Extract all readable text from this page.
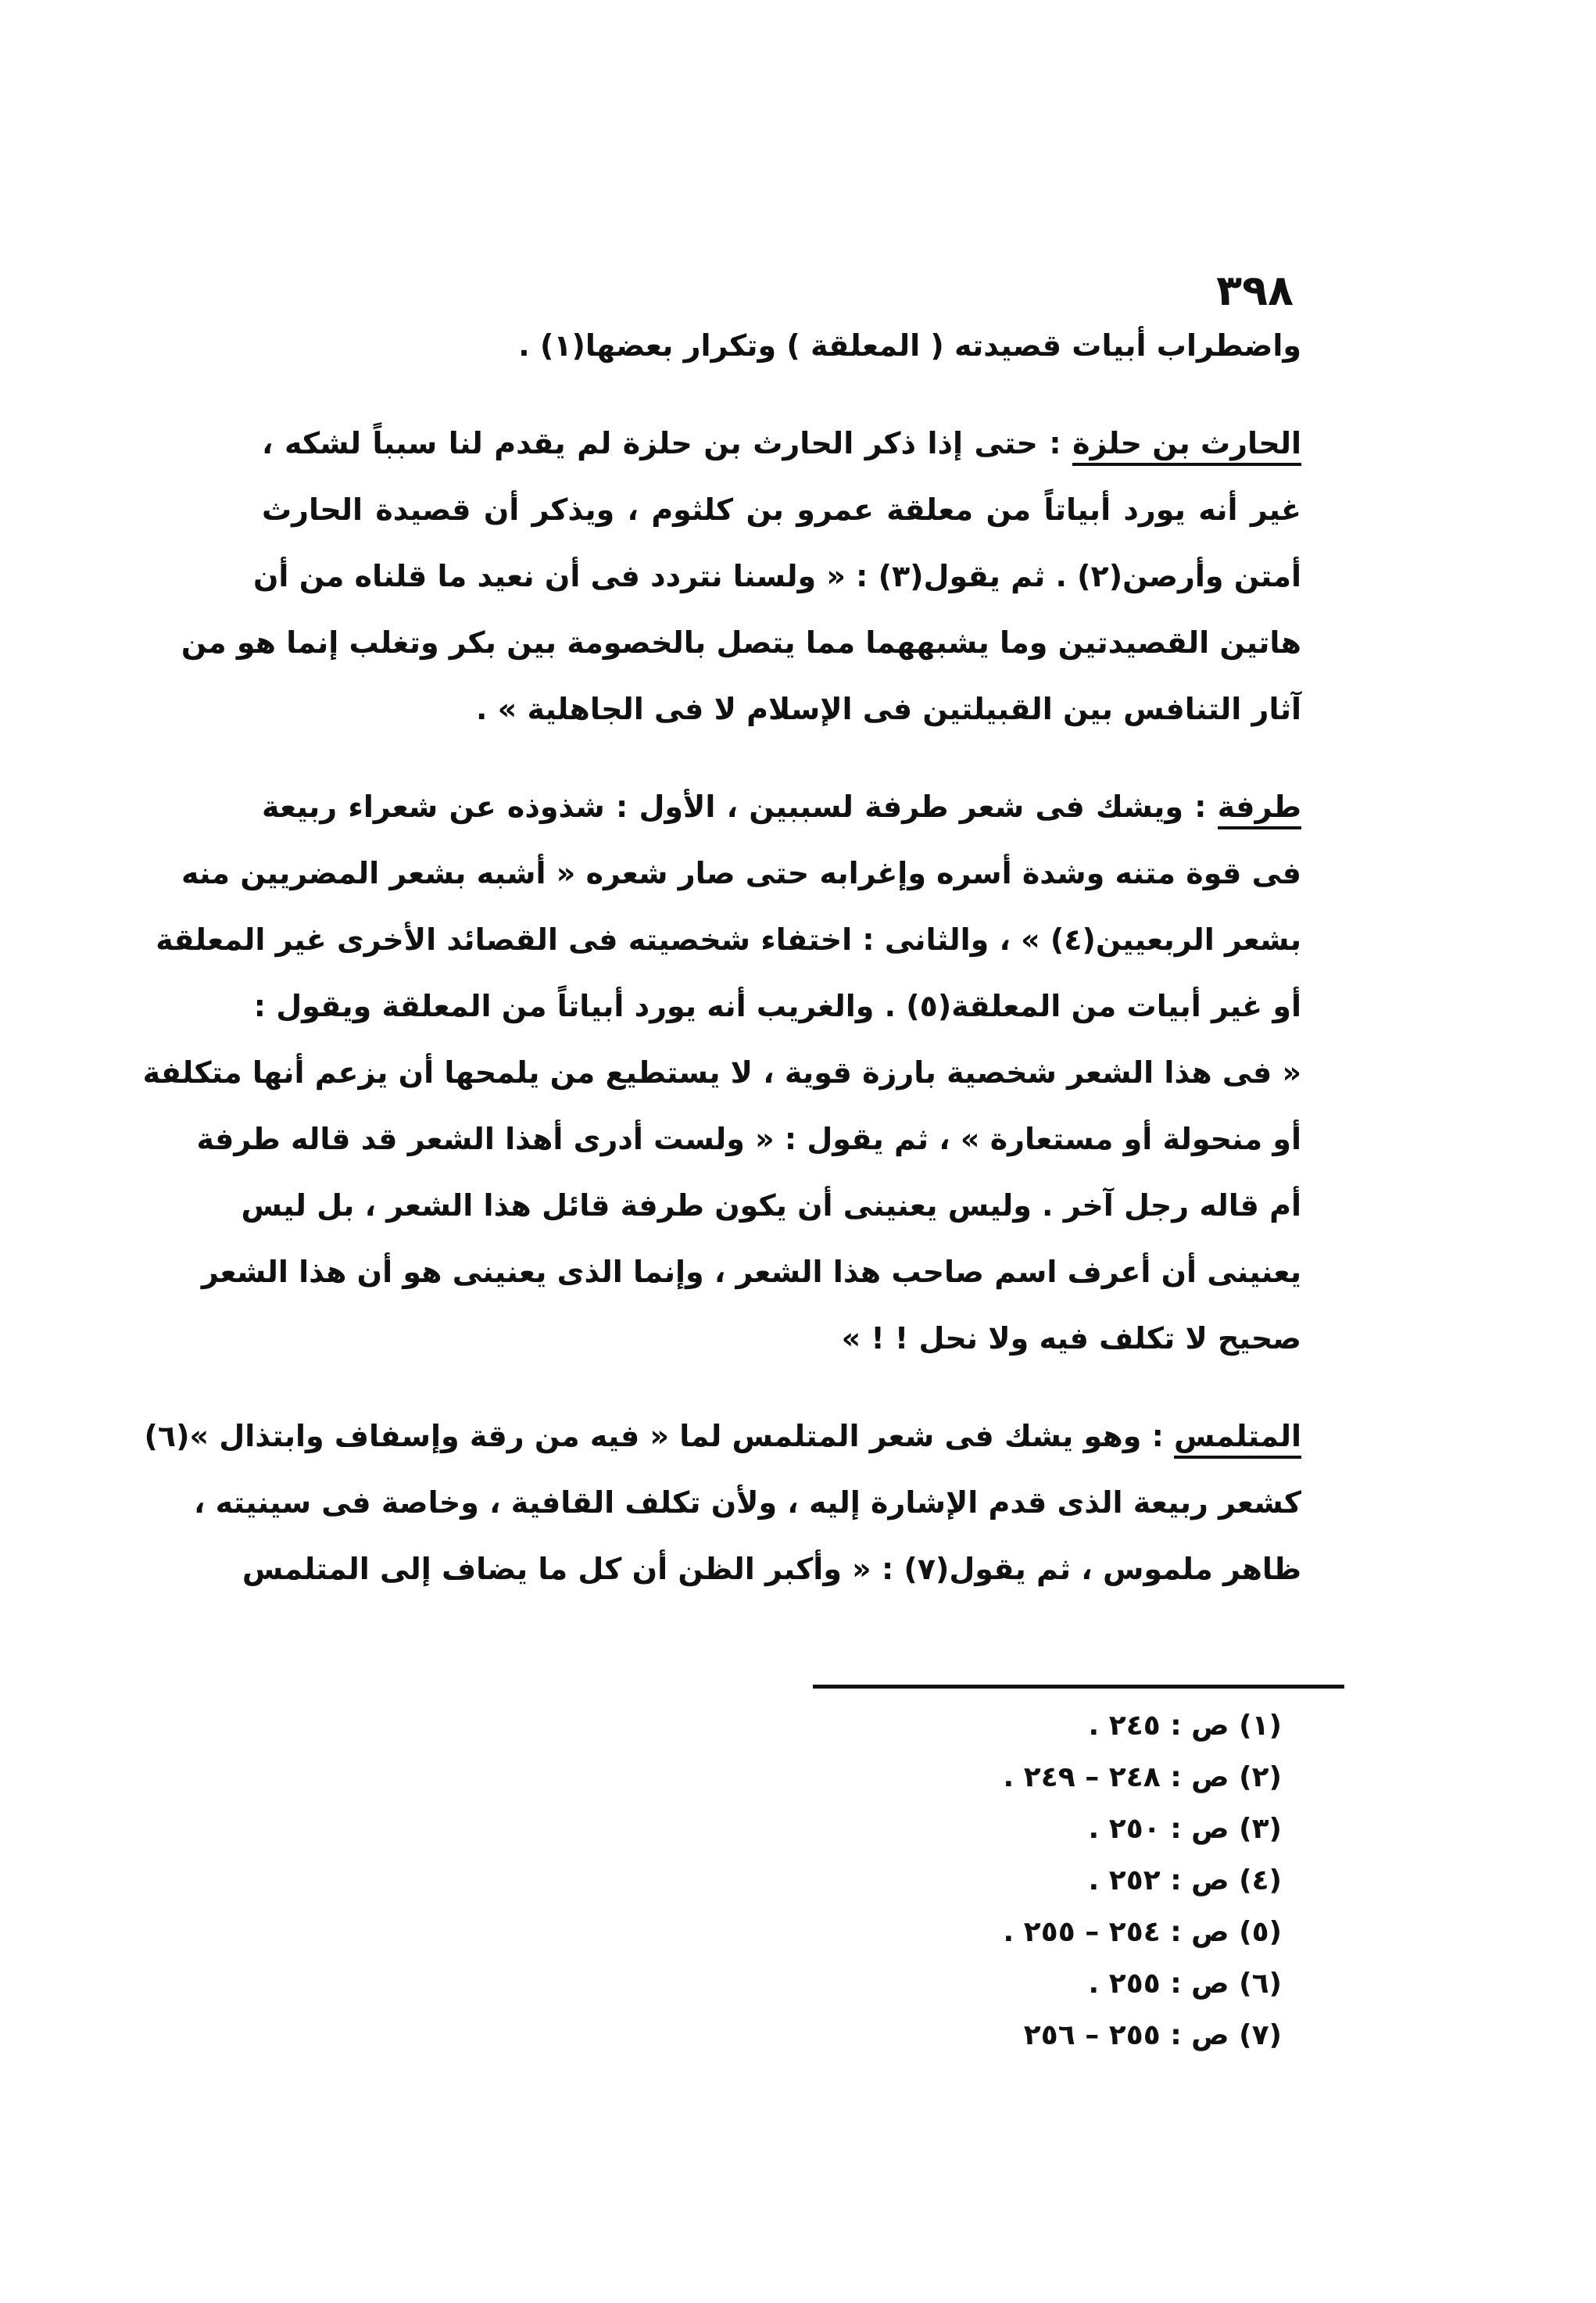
٣٩٨
واضطراب أبيات قصيدته ( المعلقة ) وتكرار بعضها(١) .
الحارث بن حلزة : حتى إذا ذكر الحارث بن حلزة لم يقدم لنا سبباً لشكه ،
غير أنه يورد أبياتاً من معلقة عمرو بن كلثوم ، ويذكر أن قصيدة الحارث
أمتن وأرصن(٢) . ثم يقول(٣) : « ولسنا نتردد فى أن نعيد ما قلناه من أن
هاتين القصيدتين وما يشبههما مما يتصل بالخصومة بين بكر وتغلب إنما هو من
آثار التنافس بين القبيلتين فى الإسلام لا فى الجاهلية » .
طرفة : ويشك فى شعر طرفة لسببين ، الأول : شذوذه عن شعراء ربيعة
فى قوة متنه وشدة أسره وإغرابه حتى صار شعره « أشبه بشعر المضريين منه
بشعر الربعيين(٤) » ، والثانى : اختفاء شخصيته فى القصائد الأخرى غير المعلقة
أو غير أبيات من المعلقة(٥) . والغريب أنه يورد أبياتاً من المعلقة ويقول :
« فى هذا الشعر شخصية بارزة قوية ، لا يستطيع من يلمحها أن يزعم أنها متكلفة
أو منحولة أو مستعارة » ، ثم يقول : « ولست أدرى أهذا الشعر قد قاله طرفة
أم قاله رجل آخر . وليس يعنينى أن يكون طرفة قائل هذا الشعر ، بل ليس
يعنينى أن أعرف اسم صاحب هذا الشعر ، وإنما الذى يعنينى هو أن هذا الشعر
صحيح لا تكلف فيه ولا نحل ! ! »
المتلمس : وهو يشك فى شعر المتلمس لما « فيه من رقة وإسفاف وابتذال »(٦)
كشعر ربيعة الذى قدم الإشارة إليه ، ولأن تكلف القافية ، وخاصة فى سينيته ،
ظاهر ملموس ، ثم يقول(٧) : « وأكبر الظن أن كل ما يضاف إلى المتلمس
(١) ص : ٢٤٥ .
(٢) ص : ٢٤٨ – ٢٤٩ .
(٣) ص : ٢٥٠ .
(٤) ص : ٢٥٢ .
(٥) ص : ٢٥٤ – ٢٥٥ .
(٦) ص : ٢٥٥ .
(٧) ص : ٢٥٥ – ٢٥٦
